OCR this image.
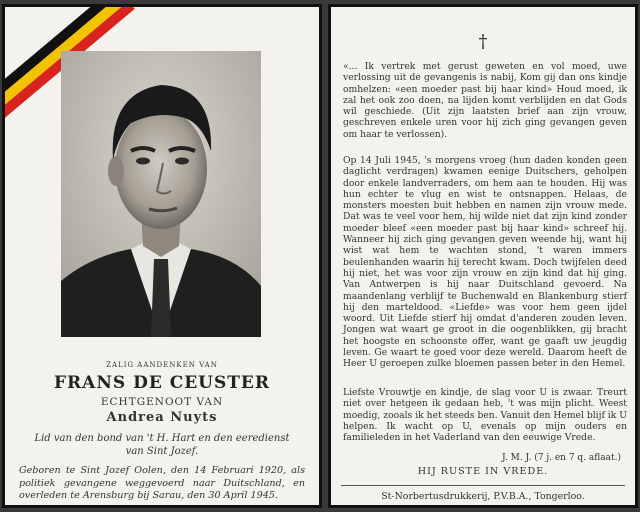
ZALIG AANDENKEN VAN
FRANS DE CEUSTER
ECHTGENOOT VAN
Andrea Nuyts
Lid van den bond van 't H. Hart en den eeredienst van Sint Jozef.
Geboren te Sint Jozef Oolen, den 14 Februari 1920, als politiek gevangene weggevoerd naar Duitschland, en overleden te Arensburg bij Sarau, den 30 April 1945.
†
«... Ik vertrek met gerust geweten en vol moed, uwe verlossing uit de gevangenis is nabij, Kom gij dan ons kindje omhelzen: «een moeder past bij haar kind» Houd moed, ik zal het ook zoo doen, na lijden komt verblijden en dat Gods wil geschiede. (Uit zijn laatsten brief aan zijn vrouw, geschreven enkele uren voor hij zich ging gevangen geven om haar te verlossen).
Op 14 Juli 1945, 's morgens vroeg (hun daden konden geen daglicht verdragen) kwamen eenige Duitschers, geholpen door enkele landverraders, om hem aan te houden. Hij was hun echter te vlug en wist te ontsnappen. Helaas, de monsters moesten buit hebben en namen zijn vrouw mede. Dat was te veel voor hem, hij wilde niet dat zijn kind zonder moeder bleef «een moeder past bij haar kind» schreef hij. Wanneer hij zich ging gevangen geven weende hij, want hij wist wat hem te wachten stond, 't waren immers beulenhanden waarin hij terecht kwam. Doch twijfelen deed hij niet, het was voor zijn vrouw en zijn kind dat hij ging. Van Antwerpen is hij naar Duitschland gevoerd. Na maandenlang verblijf te Buchenwald en Blankenburg stierf hij den marteldood. «Liefde» was voor hem geen ijdel woord. Uit Liefde stierf hij omdat d'anderen zouden leven. Jongen wat waart ge groot in die oogenblikken, gij bracht het hoogste en schoonste offer, want ge gaaft uw jeugdig leven. Ge waart te goed voor deze wereld. Daarom heeft de Heer U geroepen zulke bloemen passen beter in den Hemel.
Liefste Vrouwtje en kindje, de slag voor U is zwaar. Treurt niet over hetgeen ik gedaan heb, 't was mijn plicht. Weest moedig, zooals ik het steeds ben. Vanuit den Hemel blijf ik U helpen. Ik wacht op U, evenals op mijn ouders en familieleden in het Vaderland van den eeuwige Vrede.
J. M. J. (7 j. en 7 q. aflaat.)
HIJ RUSTE IN VREDE.
St-Norbertusdrukkerij, P.V.B.A., Tongerloo.
